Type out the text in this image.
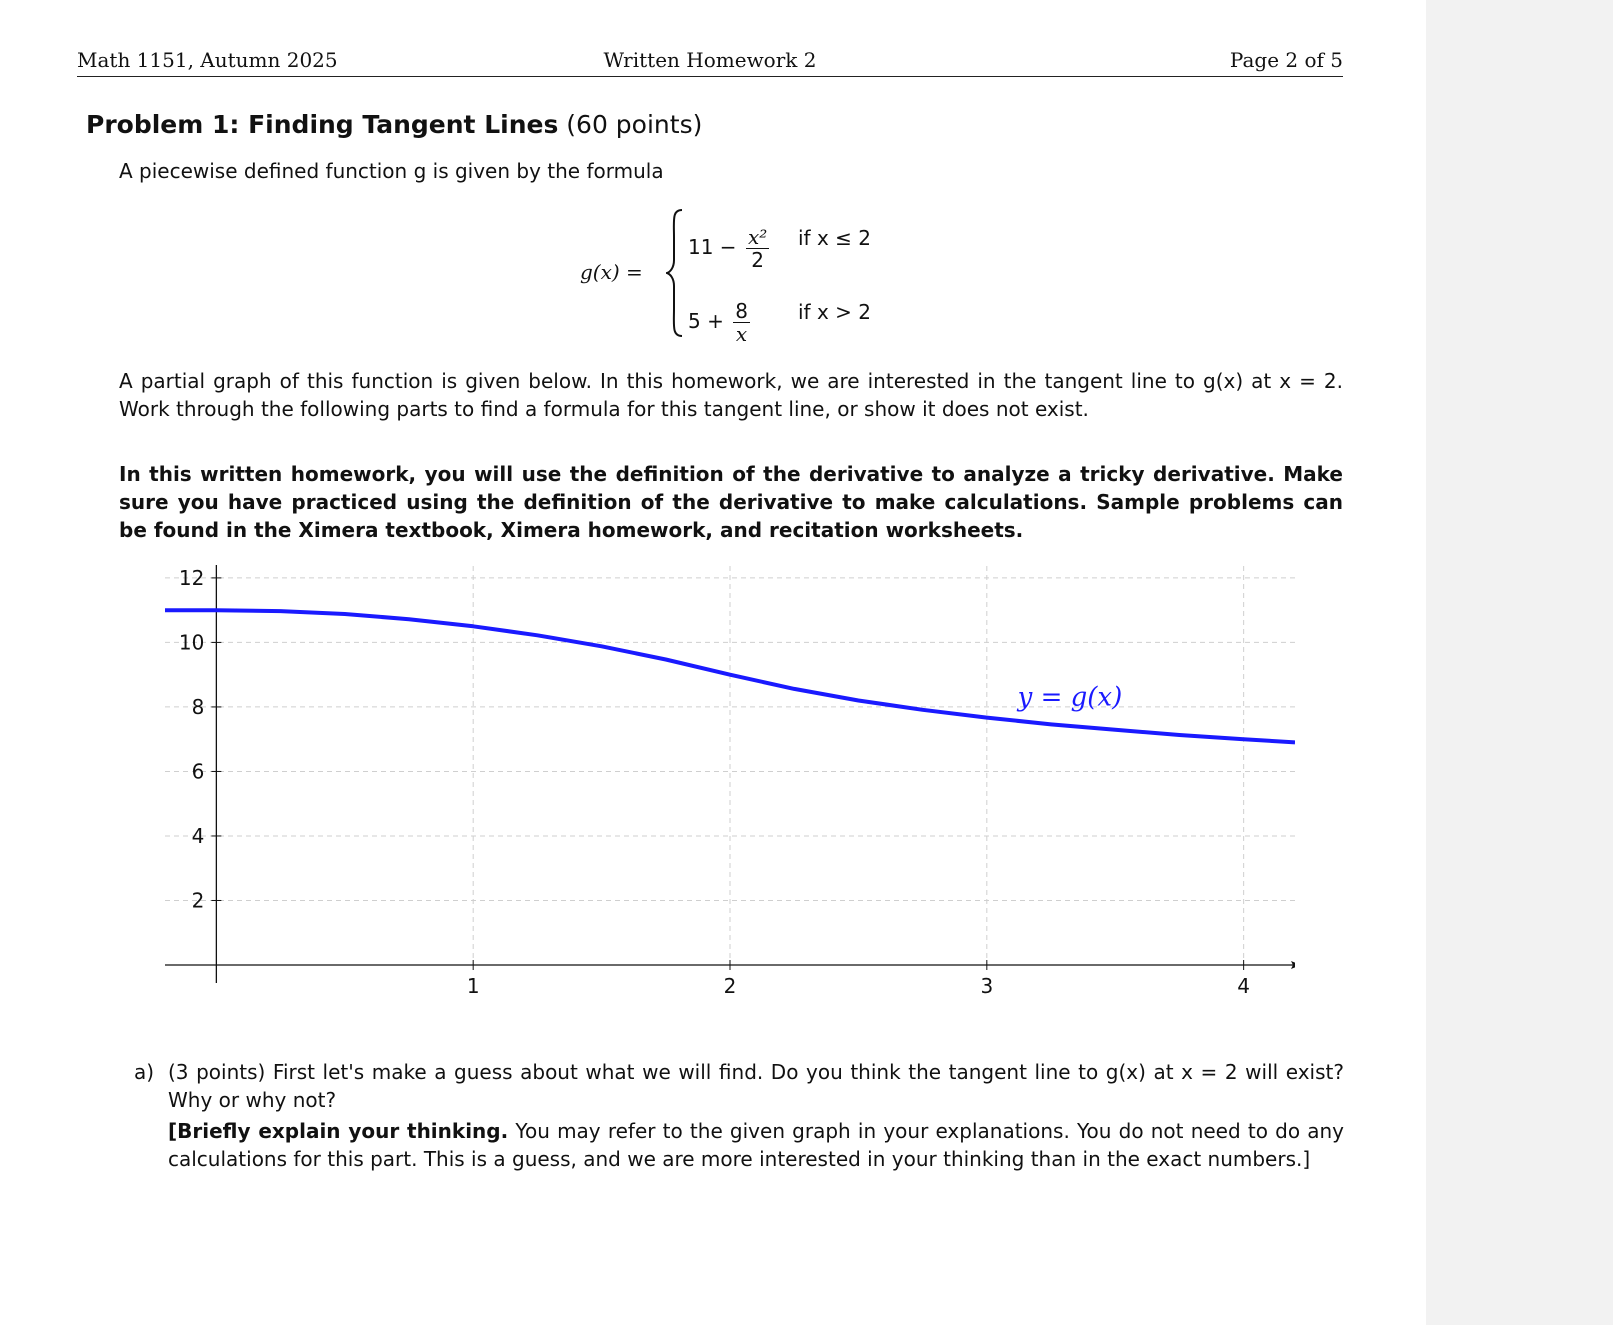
Math 1151, Autumn 2025	Written Homework 2	Page 2 of 5
Problem 1: Finding Tangent Lines (60 points)
A piecewise defined function g is given by the formula
g(x) =
$11 - \frac{\text{x²}}{2}$ if x ≤ 2
$5 + \frac{8}{x}$ if x > 2
A partial graph of this function is given below. In this homework, we are interested in the tangent line to g(x) at x = 2. Work through the following parts to find a formula for this tangent line, or show it does not exist.
In this written homework, you will use the definition of the derivative to analyze a tricky derivative. Make sure you have practiced using the definition of the derivative to make calculations. Sample problems can be found in the Ximera textbook, Ximera homework, and recitation worksheets.
1	2	3	4
2
4
6
8
10
12
y = g(x)
a) (3 points) First let's make a guess about what we will find. Do you think the tangent line to g(x) at x = 2 will exist? Why or why not?

[Briefly explain your thinking. You may refer to the given graph in your explanations. You do not need to do any calculations for this part. This is a guess, and we are more interested in your thinking than in the exact numbers.]
